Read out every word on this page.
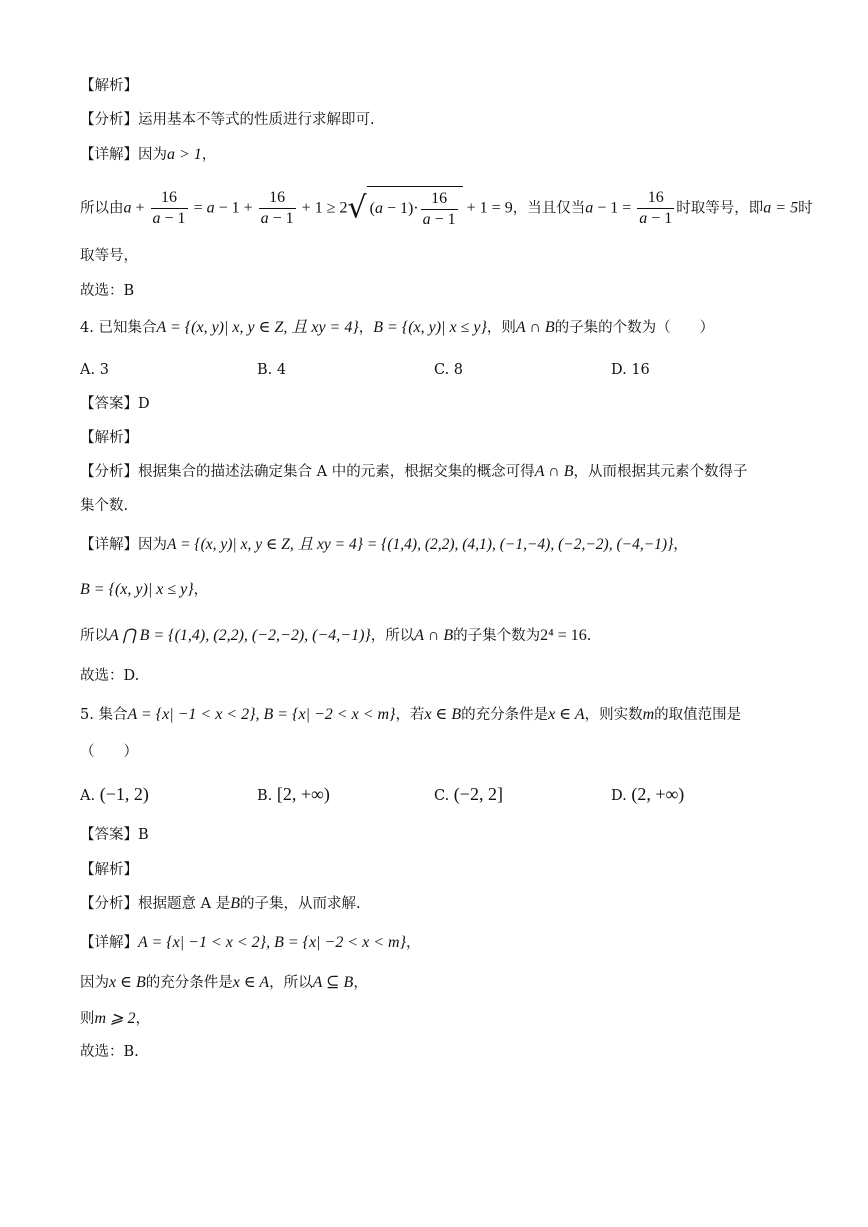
【解析】
【分析】运用基本不等式的性质进行求解即可.
【详解】因为a > 1，
所以由$a + \frac{16}{a - 1} = a - 1 + \frac{16}{a - 1} + 1 \ge 2√$ $(a - 1)\cdot \frac{16}{a - 1} + 1 = 9$，当且仅当$a - 1 = \frac{16}{a - 1}$ 时取等号，即a = 5时
取等号，
故选：B
4. 已知集合A = {(x, y)| x, y ∈ Z, 且 xy = 4}，B = {(x, y)| x ≤ y}，则A ∩ B的子集的个数为（　　）
A. 3	B. 4	C. 8	D. 16
【答案】D
【解析】
【分析】根据集合的描述法确定集合 A 中的元素，根据交集的概念可得A ∩ B，从而根据其元素个数得子
集个数.
【详解】因为A = {(x, y)| x, y ∈ Z, 且 xy = 4} = {(1,4), (2,2), (4,1), (−1,−4), (−2,−2), (−4,−1)}，
B = {(x, y)| x ≤ y}，
所以A ⋂ B = {(1,4), (2,2), (−2,−2), (−4,−1)}，所以A ∩ B的子集个数为2⁴ = 16.
故选：D.
5. 集合A = {x| −1 < x < 2}, B = {x| −2 < x < m}，若x ∈ B的充分条件是x ∈ A，则实数m的取值范围是
（　　）
A. (−1, 2)	B. [2, +∞)	C. (−2, 2]	D. (2, +∞)
【答案】B
【解析】
【分析】根据题意 A 是B的子集，从而求解.
【详解】A = {x| −1 < x < 2}, B = {x| −2 < x < m}，
因为x ∈ B的充分条件是x ∈ A，所以A ⊆ B，
则m ⩾ 2，
故选：B.
